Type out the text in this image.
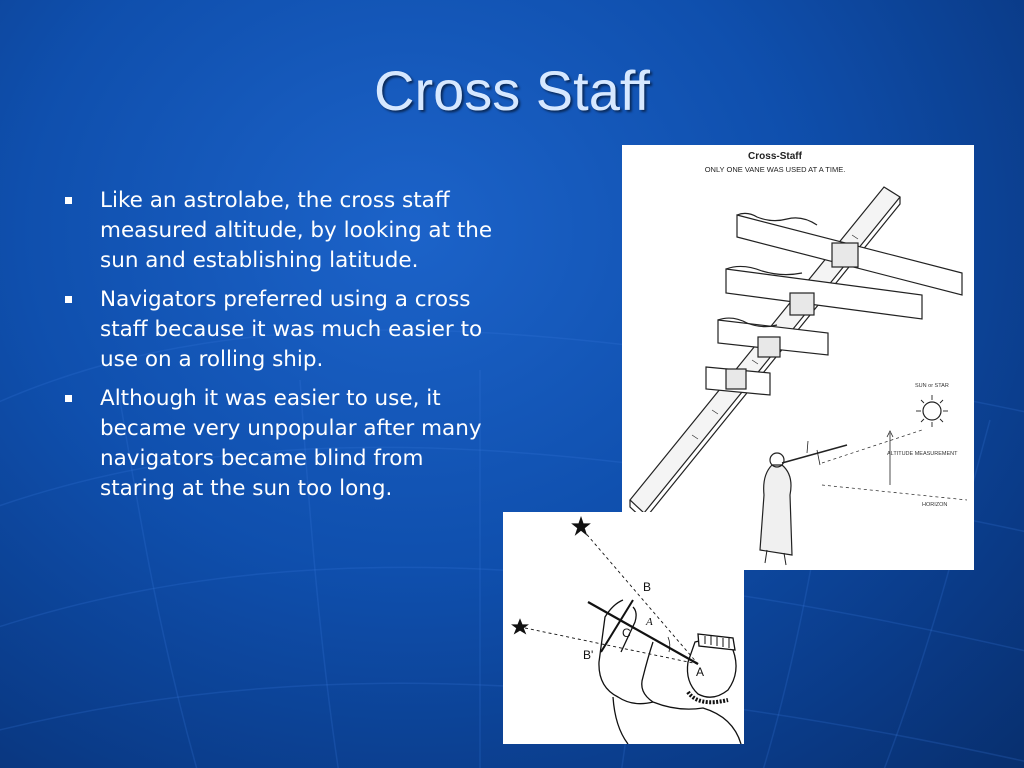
Cross Staff
Like an astrolabe, the cross staff measured altitude, by looking at the sun and establishing latitude.
Navigators preferred using a cross staff because it was much easier to use on a rolling ship.
Although it was easier to use, it became very unpopular after many navigators became blind from staring at the sun too long.
Cross-Staff
ONLY ONE VANE WAS USED AT A TIME.
SUN or STAR
ALTITUDE MEASUREMENT
HORIZON
B
A
C
B'
A
